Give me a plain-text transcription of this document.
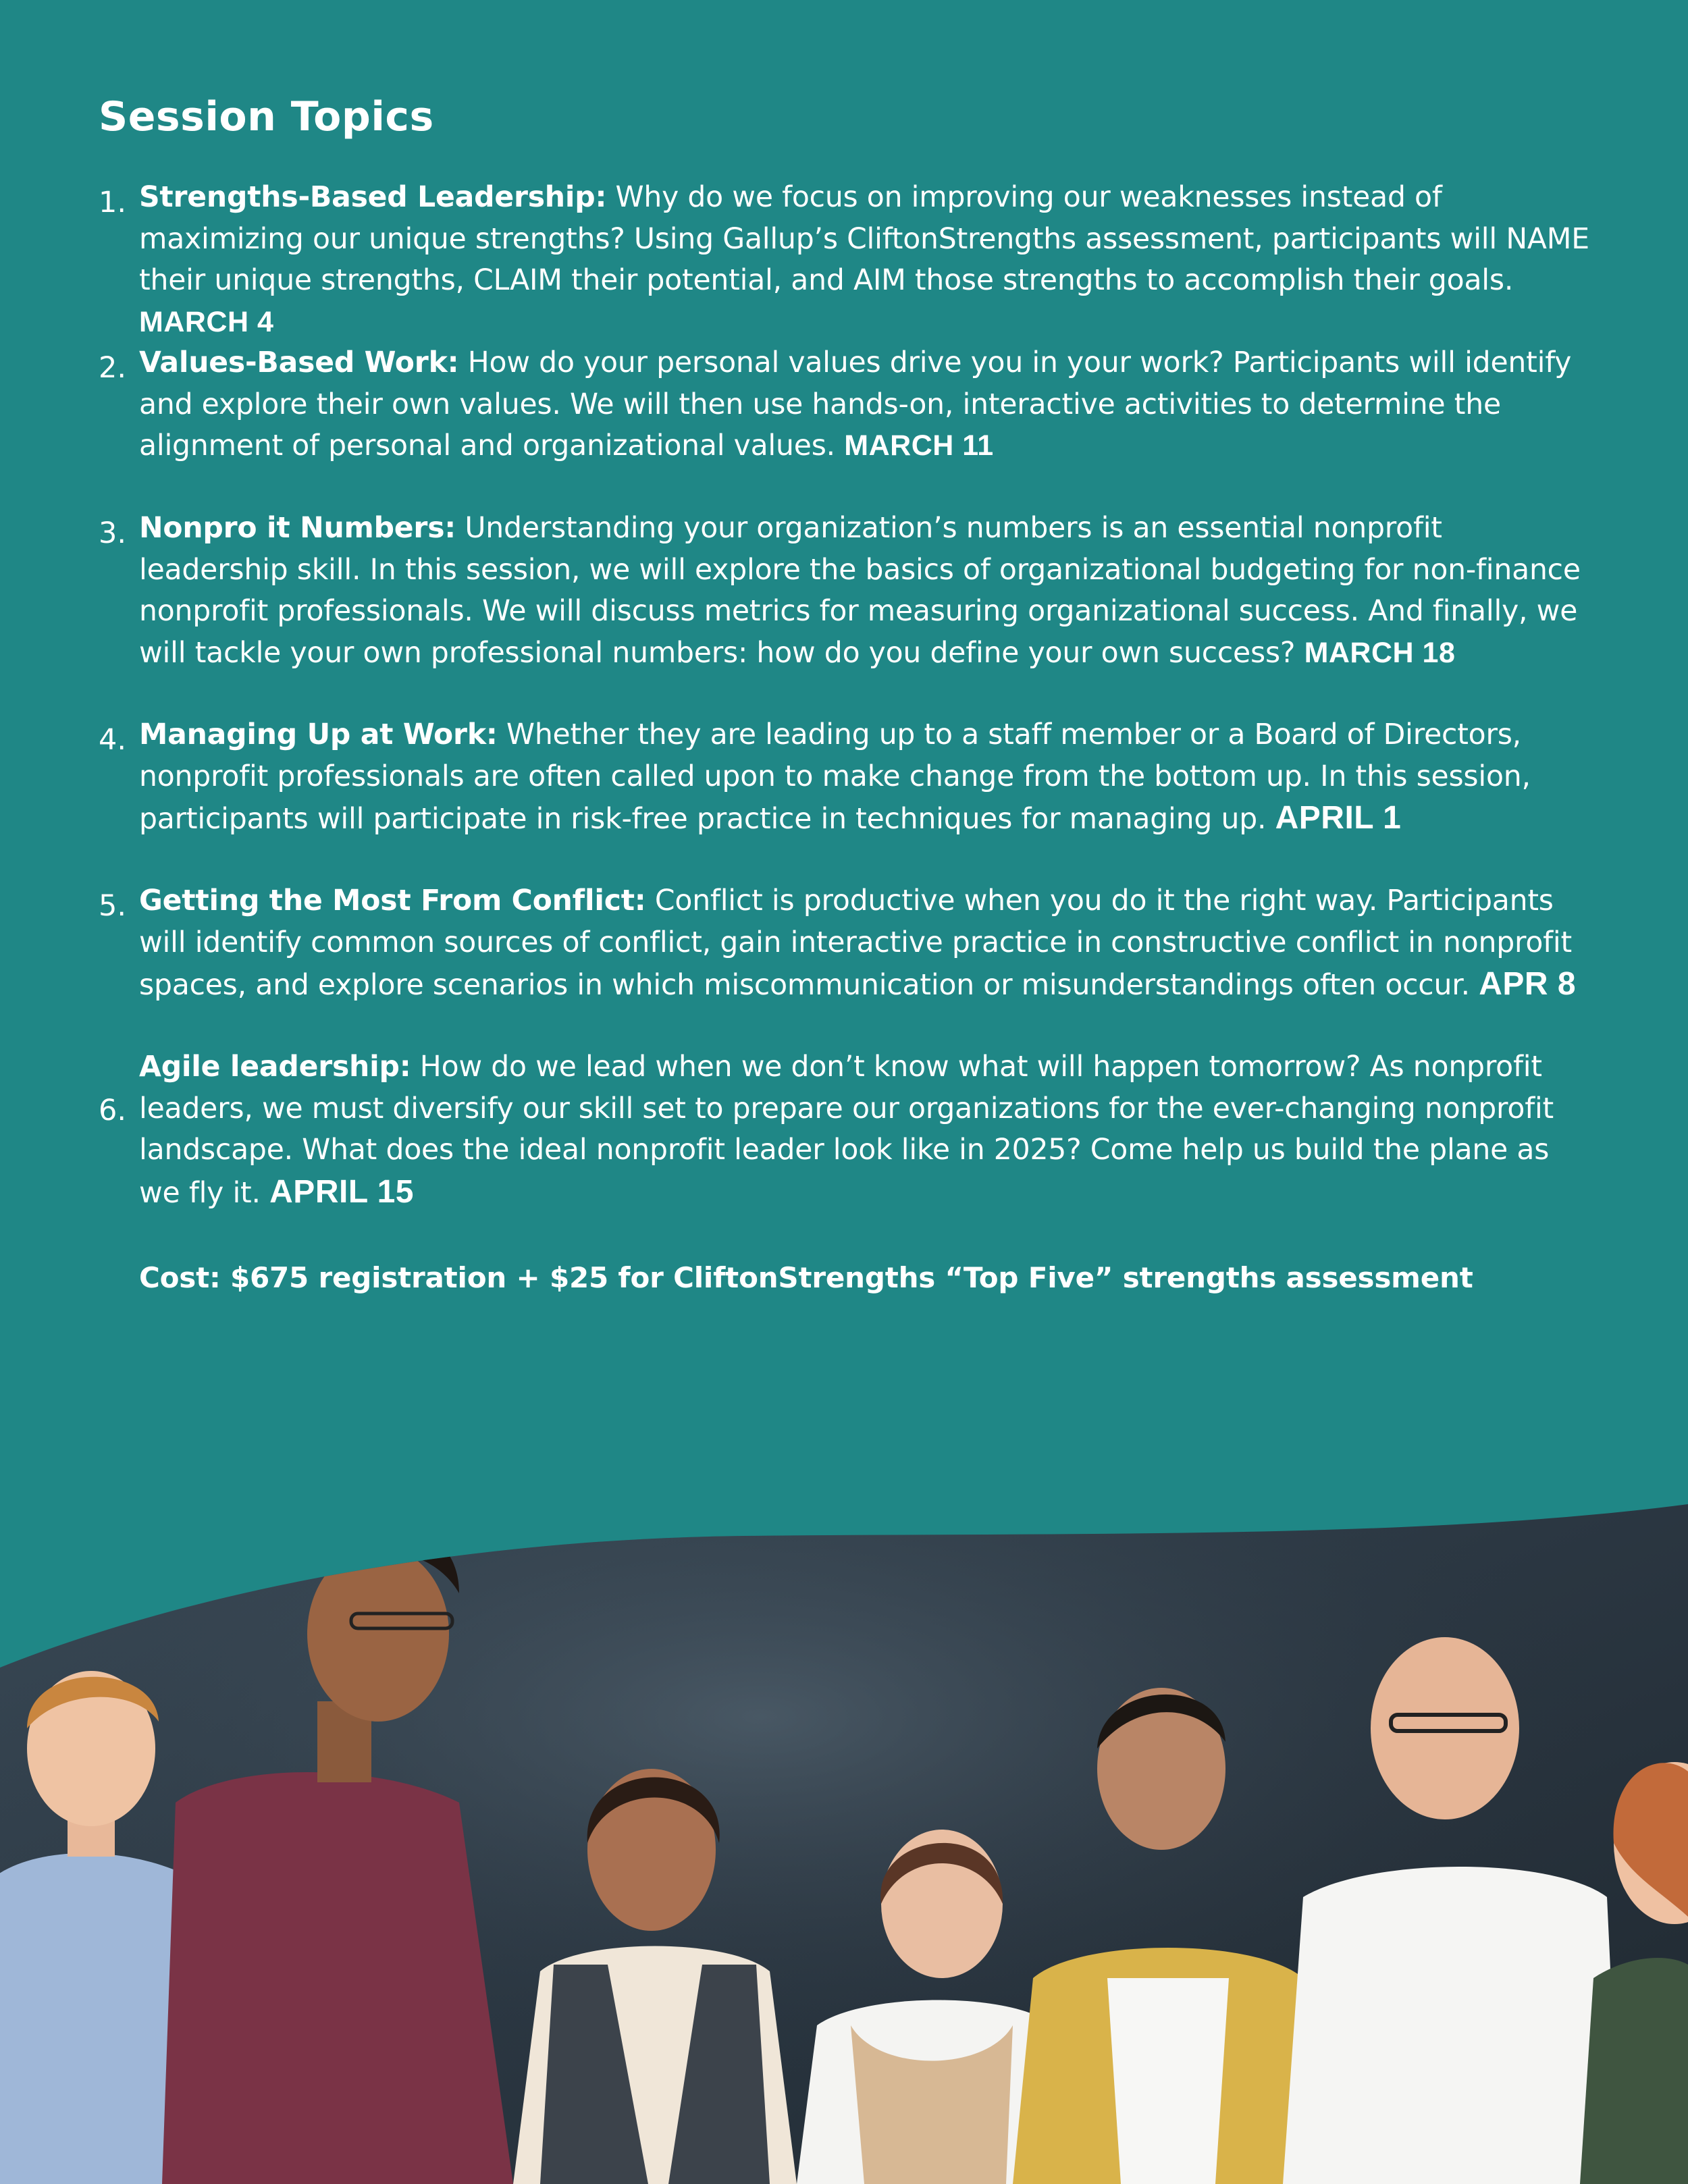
Session Topics
1. Strengths-Based Leadership: Why do we focus on improving our weaknesses instead of maximizing our unique strengths? Using Gallup’s CliftonStrengths assessment, participants will NAME their unique strengths, CLAIM their potential, and AIM those strengths to accomplish their goals. MARCH 4
2. Values-Based Work: How do your personal values drive you in your work? Participants will identify and explore their own values. We will then use hands-on, interactive activities to determine the alignment of personal and organizational values. MARCH 11
3. Nonpro it Numbers: Understanding your organization’s numbers is an essential nonprofit leadership skill. In this session, we will explore the basics of organizational budgeting for non-finance nonprofit professionals. We will discuss metrics for measuring organizational success. And finally, we will tackle your own professional numbers: how do you define your own success? MARCH 18
4. Managing Up at Work: Whether they are leading up to a staff member or a Board of Directors, nonprofit professionals are often called upon to make change from the bottom up. In this session, participants will participate in risk-free practice in techniques for managing up. APRIL 1
5. Getting the Most From Conflict: Conflict is productive when you do it the right way. Participants will identify common sources of conflict, gain interactive practice in constructive conflict in nonprofit spaces, and explore scenarios in which miscommunication or misunderstandings often occur. APR 8
6.
Agile leadership: How do we lead when we don’t know what will happen tomorrow? As nonprofit leaders, we must diversify our skill set to prepare our organizations for the ever-changing nonprofit landscape. What does the ideal nonprofit leader look like in 2025? Come help us build the plane as we fly it. APRIL 15
Cost: $675 registration + $25 for CliftonStrengths “Top Five” strengths assessment
